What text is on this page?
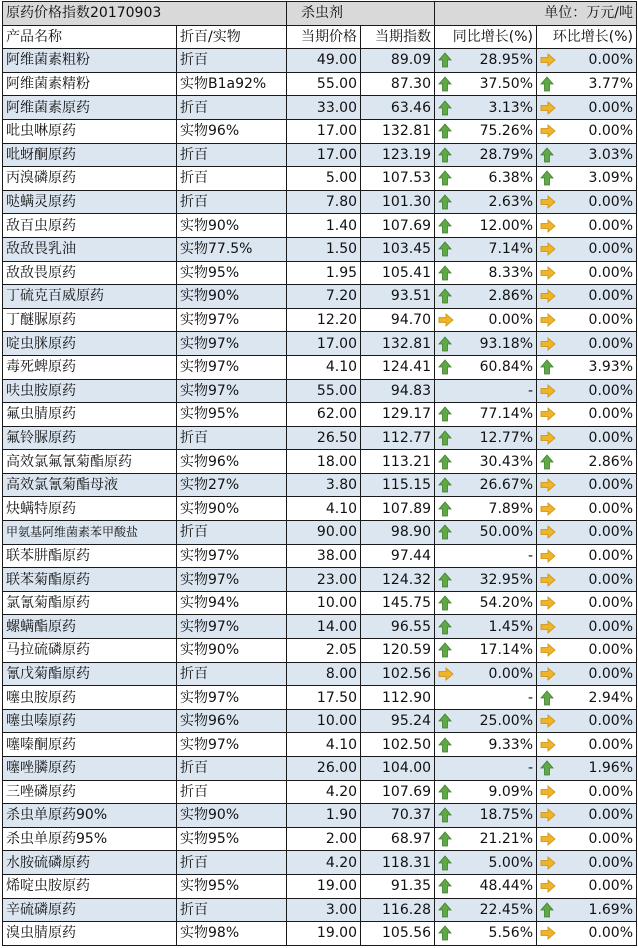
原药价格指数20170903		杀虫剂		单位：万元/吨	
产品名称	折百/实物	当期价格	当期指数	同比增长(%)	环比增长(%)
阿维菌素粗粉	折百	49.00	89.09	28.95%	0.00%

阿维菌素精粉	实物B1a92%	55.00	87.30	37.50%	3.77%

阿维菌素原药	折百	33.00	63.46	3.13%	0.00%

吡虫啉原药	实物96%	17.00	132.81	75.26%	0.00%

吡蚜酮原药	折百	17.00	123.19	28.79%	3.03%

丙溴磷原药	折百	5.00	107.53	6.38%	3.09%

哒螨灵原药	折百	7.80	101.30	2.63%	0.00%

敌百虫原药	实物90%	1.40	107.69	12.00%	0.00%

敌敌畏乳油	实物77.5%	1.50	103.45	7.14%	0.00%

敌敌畏原药	实物95%	1.95	105.41	8.33%	0.00%

丁硫克百威原药	实物90%	7.20	93.51	2.86%	0.00%

丁醚脲原药	实物97%	12.20	94.70	0.00%	0.00%

啶虫脒原药	实物97%	17.00	132.81	93.18%	0.00%

毒死蜱原药	实物97%	4.10	124.41	60.84%	3.93%

呋虫胺原药	实物97%	55.00	94.83	-	0.00%

氟虫腈原药	实物95%	62.00	129.17	77.14%	0.00%

氟铃脲原药	折百	26.50	112.77	12.77%	0.00%

高效氯氟氰菊酯原药	实物96%	18.00	113.21	30.43%	2.86%

高效氯氰菊酯母液	实物27%	3.80	115.15	26.67%	0.00%

炔螨特原药	实物90%	4.10	107.89	7.89%	0.00%

甲氨基阿维菌素苯甲酸盐	折百	90.00	98.90	50.00%	0.00%

联苯肼酯原药	实物97%	38.00	97.44	-	0.00%

联苯菊酯原药	实物97%	23.00	124.32	32.95%	0.00%

氯氰菊酯原药	实物94%	10.00	145.75	54.20%	0.00%

螺螨酯原药	实物97%	14.00	96.55	1.45%	0.00%

马拉硫磷原药	实物90%	2.05	120.59	17.14%	0.00%

氰戊菊酯原药	折百	8.00	102.56	0.00%	0.00%

噻虫胺原药	实物97%	17.50	112.90	-	2.94%

噻虫嗪原药	实物96%	10.00	95.24	25.00%	0.00%

噻嗪酮原药	实物97%	4.10	102.50	9.33%	0.00%

噻唑膦原药	折百	26.00	104.00	-	1.96%

三唑磷原药	折百	4.20	107.69	9.09%	0.00%

杀虫单原药90%	实物90%	1.90	70.37	18.75%	0.00%

杀虫单原药95%	实物95%	2.00	68.97	21.21%	0.00%

水胺硫磷原药	折百	4.20	118.31	5.00%	0.00%

烯啶虫胺原药	实物95%	19.00	91.35	48.44%	0.00%

辛硫磷原药	折百	3.00	116.28	22.45%	1.69%

溴虫腈原药	实物98%	19.00	105.56	5.56%	0.00%
